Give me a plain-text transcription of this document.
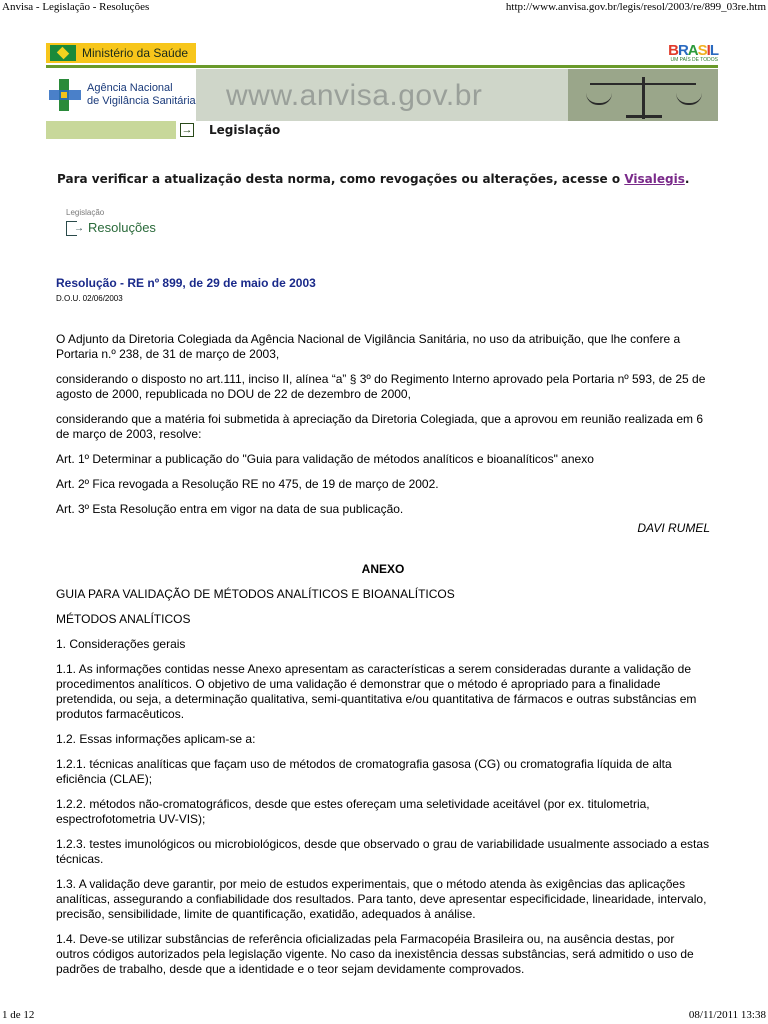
Anvisa - Legislação - Resoluções	http://www.anvisa.gov.br/legis/resol/2003/re/899_03re.htm
Ministério da Saúde	BRASIL
UM PAÍS DE TODOS
Agência Nacional
de Vigilância Sanitária www.anvisa.gov.br
→ Legislação
Para verificar a atualização desta norma, como revogações ou alterações, acesse o Visalegis.
Legislação
→ Resoluções
Resolução - RE nº 899, de 29 de maio de 2003
D.O.U. 02/06/2003

O Adjunto da Diretoria Colegiada da Agência Nacional de Vigilância Sanitária, no uso da atribuição, que lhe confere a Portaria n.º 238, de 31 de março de 2003,

considerando o disposto no art.111, inciso II, alínea “a” § 3º do Regimento Interno aprovado pela Portaria nº 593, de 25 de agosto de 2000, republicada no DOU de 22 de dezembro de 2000,

considerando que a matéria foi submetida à apreciação da Diretoria Colegiada, que a aprovou em reunião realizada em 6 de março de 2003, resolve:

Art. 1º Determinar a publicação do "Guia para validação de métodos analíticos e bioanalíticos" anexo

Art. 2º Fica revogada a Resolução RE no 475, de 19 de março de 2002.

Art. 3º Esta Resolução entra em vigor na data de sua publicação.

DAVI RUMEL

ANEXO

GUIA PARA VALIDAÇÃO DE MÉTODOS ANALÍTICOS E BIOANALÍTICOS

MÉTODOS ANALÍTICOS

1. Considerações gerais

1.1. As informações contidas nesse Anexo apresentam as características a serem consideradas durante a validação de procedimentos analíticos. O objetivo de uma validação é demonstrar que o método é apropriado para a finalidade pretendida, ou seja, a determinação qualitativa, semi-quantitativa e/ou quantitativa de fármacos e outras substâncias em produtos farmacêuticos.

1.2. Essas informações aplicam-se a:

1.2.1. técnicas analíticas que façam uso de métodos de cromatografia gasosa (CG) ou cromatografia líquida de alta eficiência (CLAE);

1.2.2. métodos não-cromatográficos, desde que estes ofereçam uma seletividade aceitável (por ex. titulometria, espectrofotometria UV-VIS);

1.2.3. testes imunológicos ou microbiológicos, desde que observado o grau de variabilidade usualmente associado a estas técnicas.

1.3. A validação deve garantir, por meio de estudos experimentais, que o método atenda às exigências das aplicações analíticas, assegurando a confiabilidade dos resultados. Para tanto, deve apresentar especificidade, linearidade, intervalo, precisão, sensibilidade, limite de quantificação, exatidão, adequados à análise.

1.4. Deve-se utilizar substâncias de referência oficializadas pela Farmacopéia Brasileira ou, na ausência destas, por outros códigos autorizados pela legislação vigente. No caso da inexistência dessas substâncias, será admitido o uso de padrões de trabalho, desde que a identidade e o teor sejam devidamente comprovados.

1 de 12	08/11/2011 13:38
